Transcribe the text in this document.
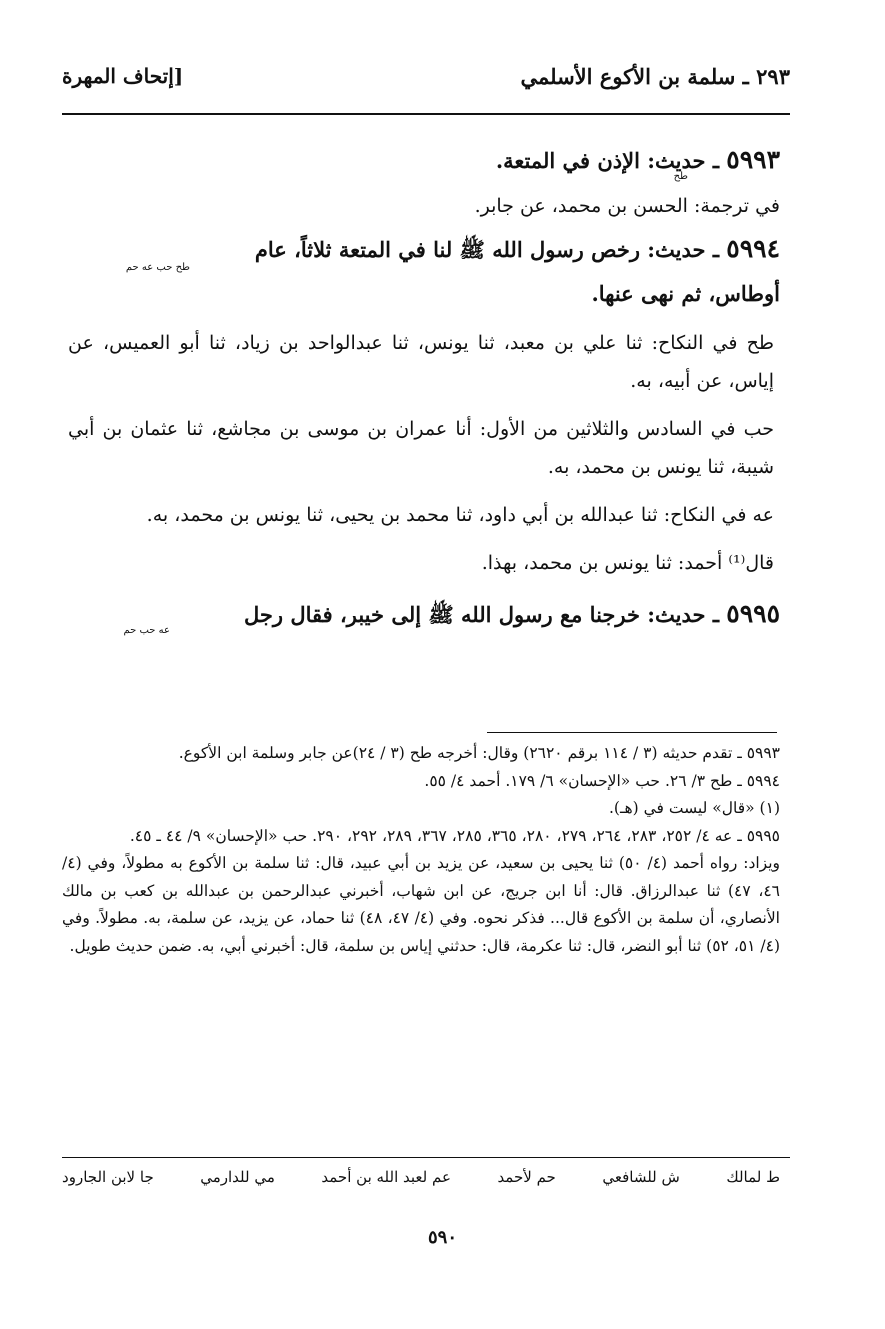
٢٩٣ ـ سلمة بن الأكوع الأسلمي
[إتحاف المهرة

٥٩٩٣ ـ حديث: الإذن في المتعة.

طح

في ترجمة: الحسن بن محمد، عن جابر.

٥٩٩٤ ـ حديث: رخص رسول الله ﷺ لنا في المتعة ثلاثاً، عام

طح حب عه حم

أوطاس، ثم نهى عنها.

طح في النكاح: ثنا علي بن معبد، ثنا يونس، ثنا عبدالواحد بن زياد، ثنا أبو العميس، عن إياس، عن أبيه، به.

حب في السادس والثلاثين من الأول: أنا عمران بن موسى بن مجاشع، ثنا عثمان بن أبي شيبة، ثنا يونس بن محمد، به.

عه في النكاح: ثنا عبدالله بن أبي داود، ثنا محمد بن يحيى، ثنا يونس بن محمد، به.

قال⁽¹⁾ أحمد: ثنا يونس بن محمد، بهذا.

٥٩٩٥ ـ حديث: خرجنا مع رسول الله ﷺ إلى خيبر، فقال رجل

عه حب حم

٥٩٩٣ ـ تقدم حديثه (٣ / ١١٤ برقم ٢٦٢٠) وقال: أخرجه طح (٣ / ٢٤)عن جابر وسلمة ابن الأكوع.

٥٩٩٤ ـ طح ٣/ ٢٦. حب «الإحسان» ٦/ ١٧٩. أحمد ٤/ ٥٥.

(١) «قال» ليست في (هـ).

٥٩٩٥ ـ عه ٤/ ٢٥٢، ٢٨٣، ٢٦٤، ٢٧٩، ٢٨٠، ٣٦٥، ٢٨٥، ٣٦٧، ٢٨٩، ٢٩٢، ٢٩٠. حب «الإحسان» ٩/ ٤٤ ـ ٤٥.

ويزاد: رواه أحمد (٤/ ٥٠) ثنا يحيى بن سعيد، عن يزيد بن أبي عبيد، قال: ثنا سلمة بن الأكوع به مطولاً، وفي (٤/ ٤٦، ٤٧) ثنا عبدالرزاق. قال: أنا ابن جريج، عن ابن شهاب، أخبرني عبدالرحمن بن عبدالله بن كعب بن مالك الأنصاري، أن سلمة بن الأكوع قال... فذكر نحوه. وفي (٤/ ٤٧، ٤٨) ثنا حماد، عن يزيد، عن سلمة، به. مطولاً. وفي (٤/ ٥١، ٥٢) ثنا أبو النضر، قال: ثنا عكرمة، قال: حدثني إياس بن سلمة، قال: أخبرني أبي، به. ضمن حديث طويل.

ط لمالك
ش للشافعي
حم لأحمد
عم لعبد الله بن أحمد
مي للدارمي
جا لابن الجارود
٥٩٠
